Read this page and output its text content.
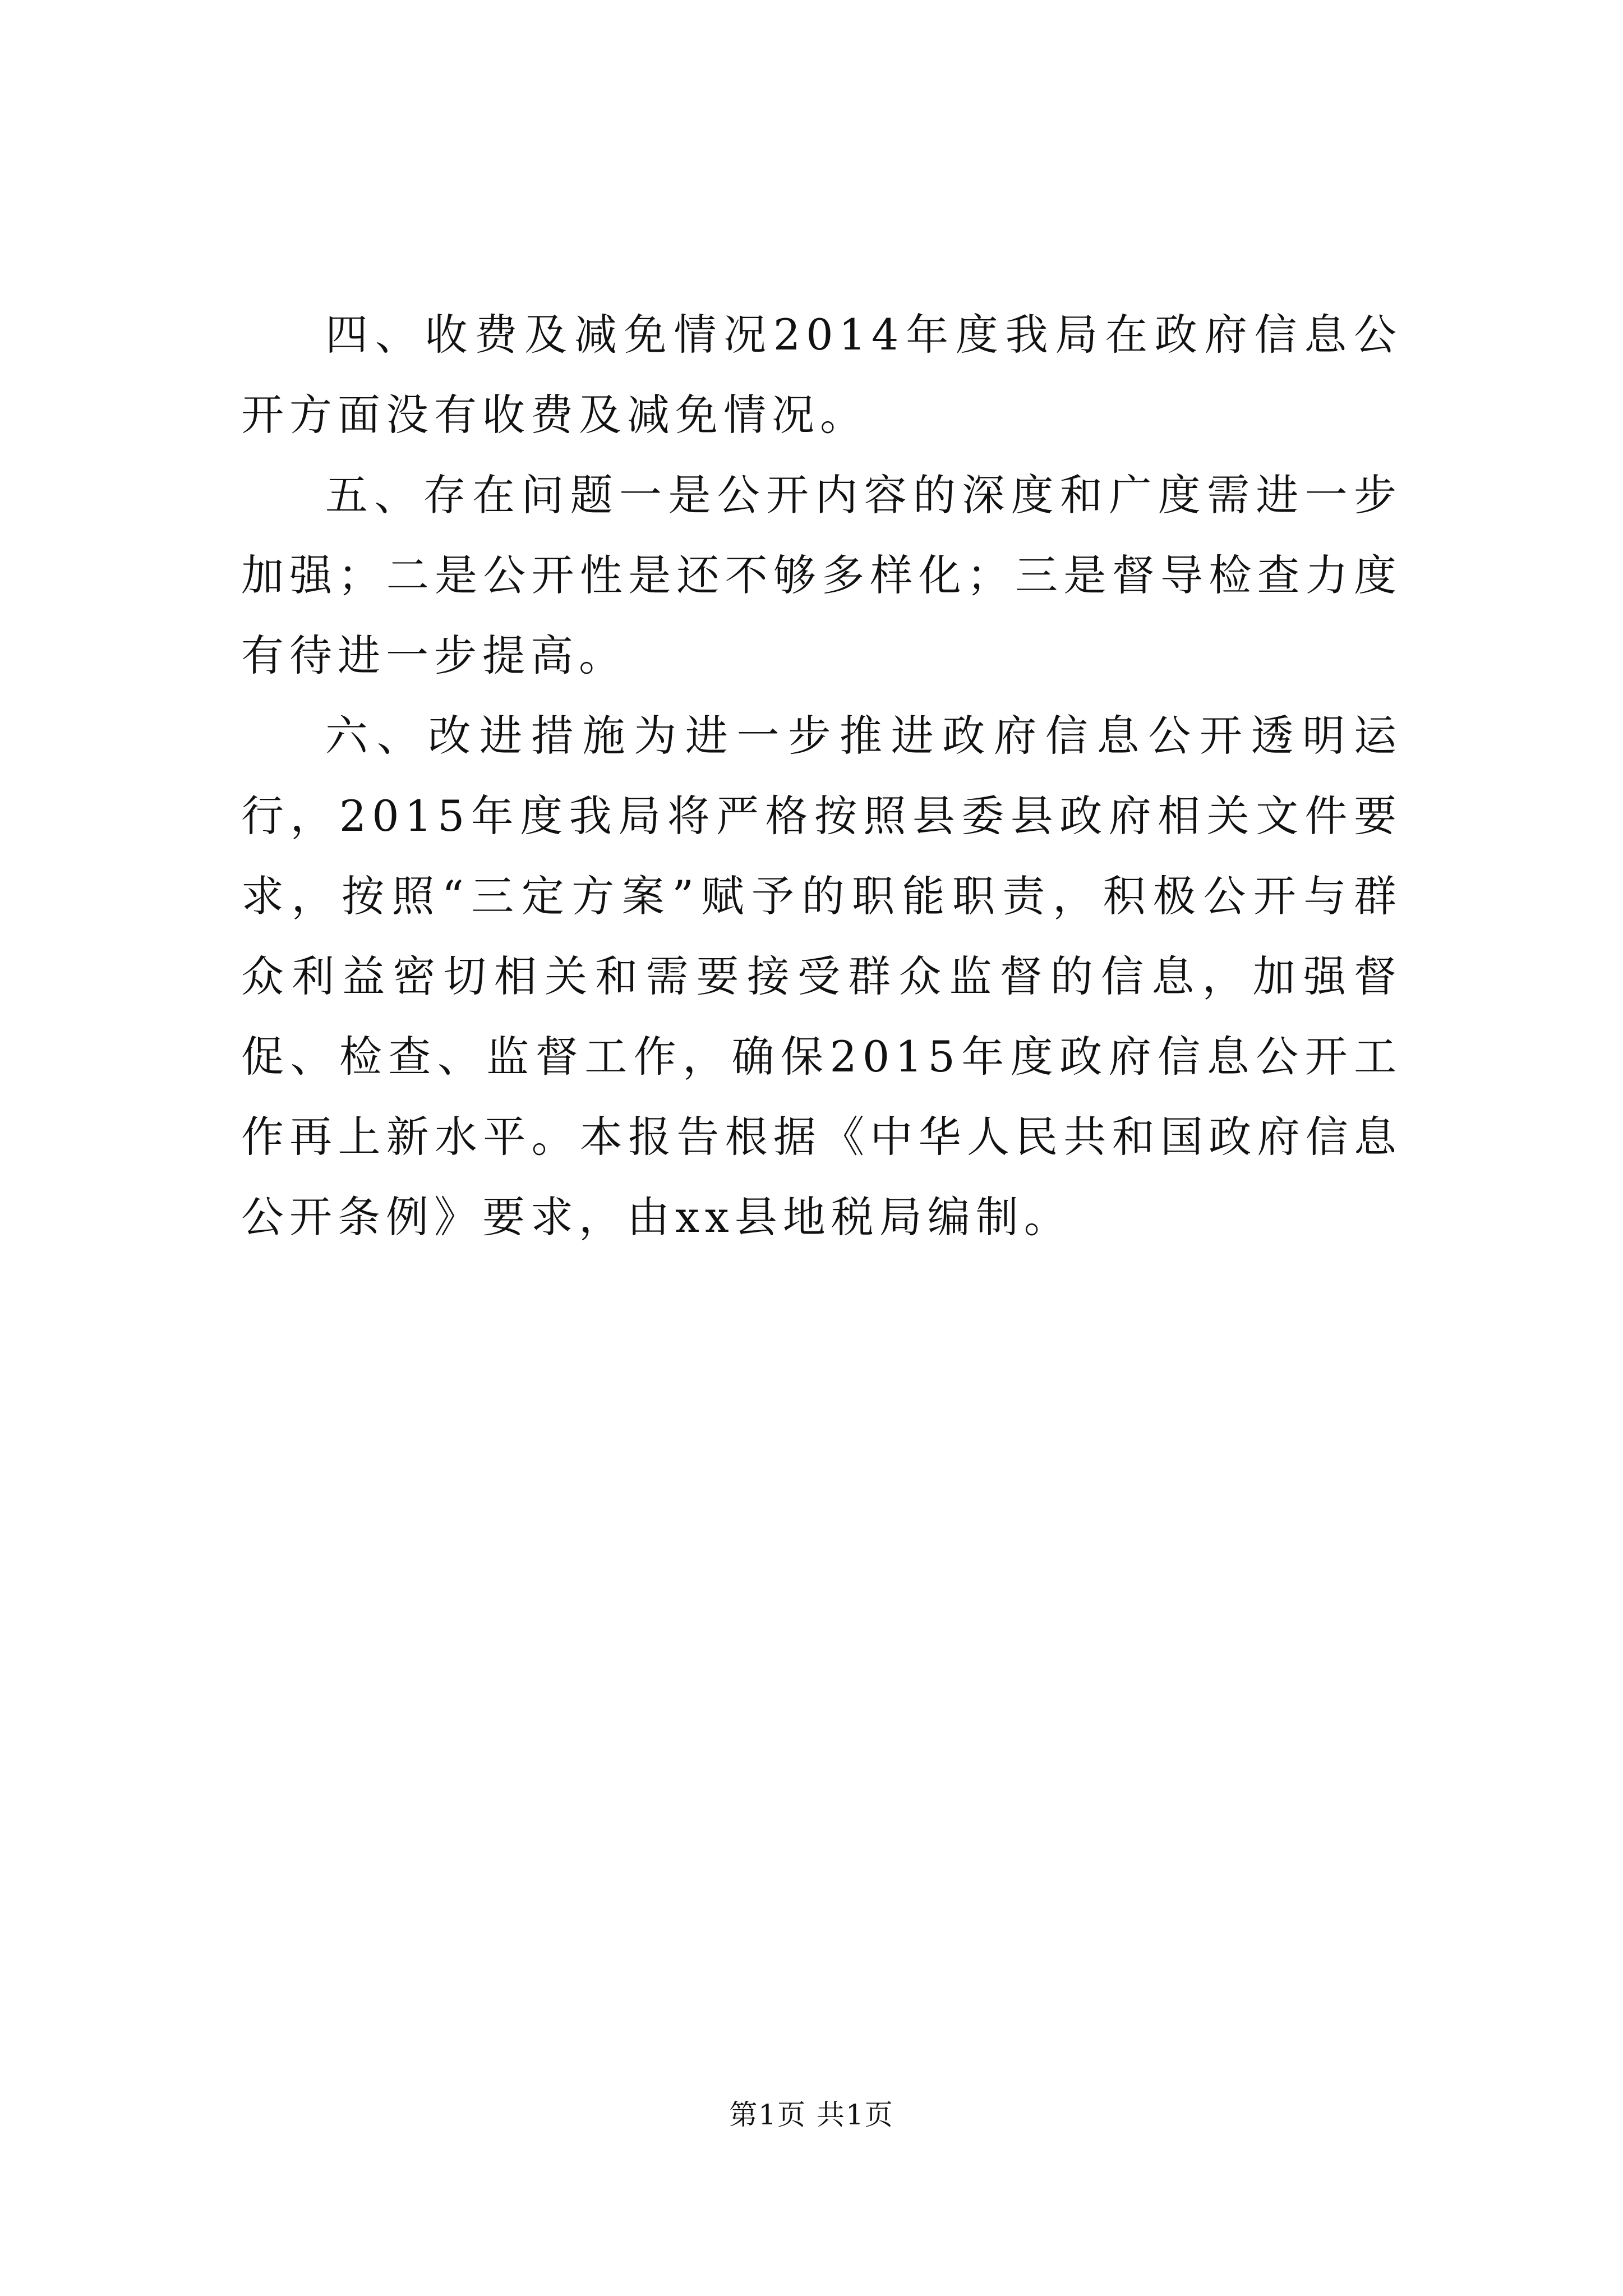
四、收费及减免情况2014年度我局在政府信息公开方面没有收费及减免情况。

五、存在问题一是公开内容的深度和广度需进一步加强；二是公开性是还不够多样化；三是督导检查力度有待进一步提高。

六、改进措施为进一步推进政府信息公开透明运行，2015年度我局将严格按照县委县政府相关文件要求，按照“三定方案”赋予的职能职责，积极公开与群众利益密切相关和需要接受群众监督的信息，加强督促、检查、监督工作，确保2015年度政府信息公开工作再上新水平。本报告根据《中华人民共和国政府信息公开条例》要求，由xx县地税局编制。

第1页 共1页
